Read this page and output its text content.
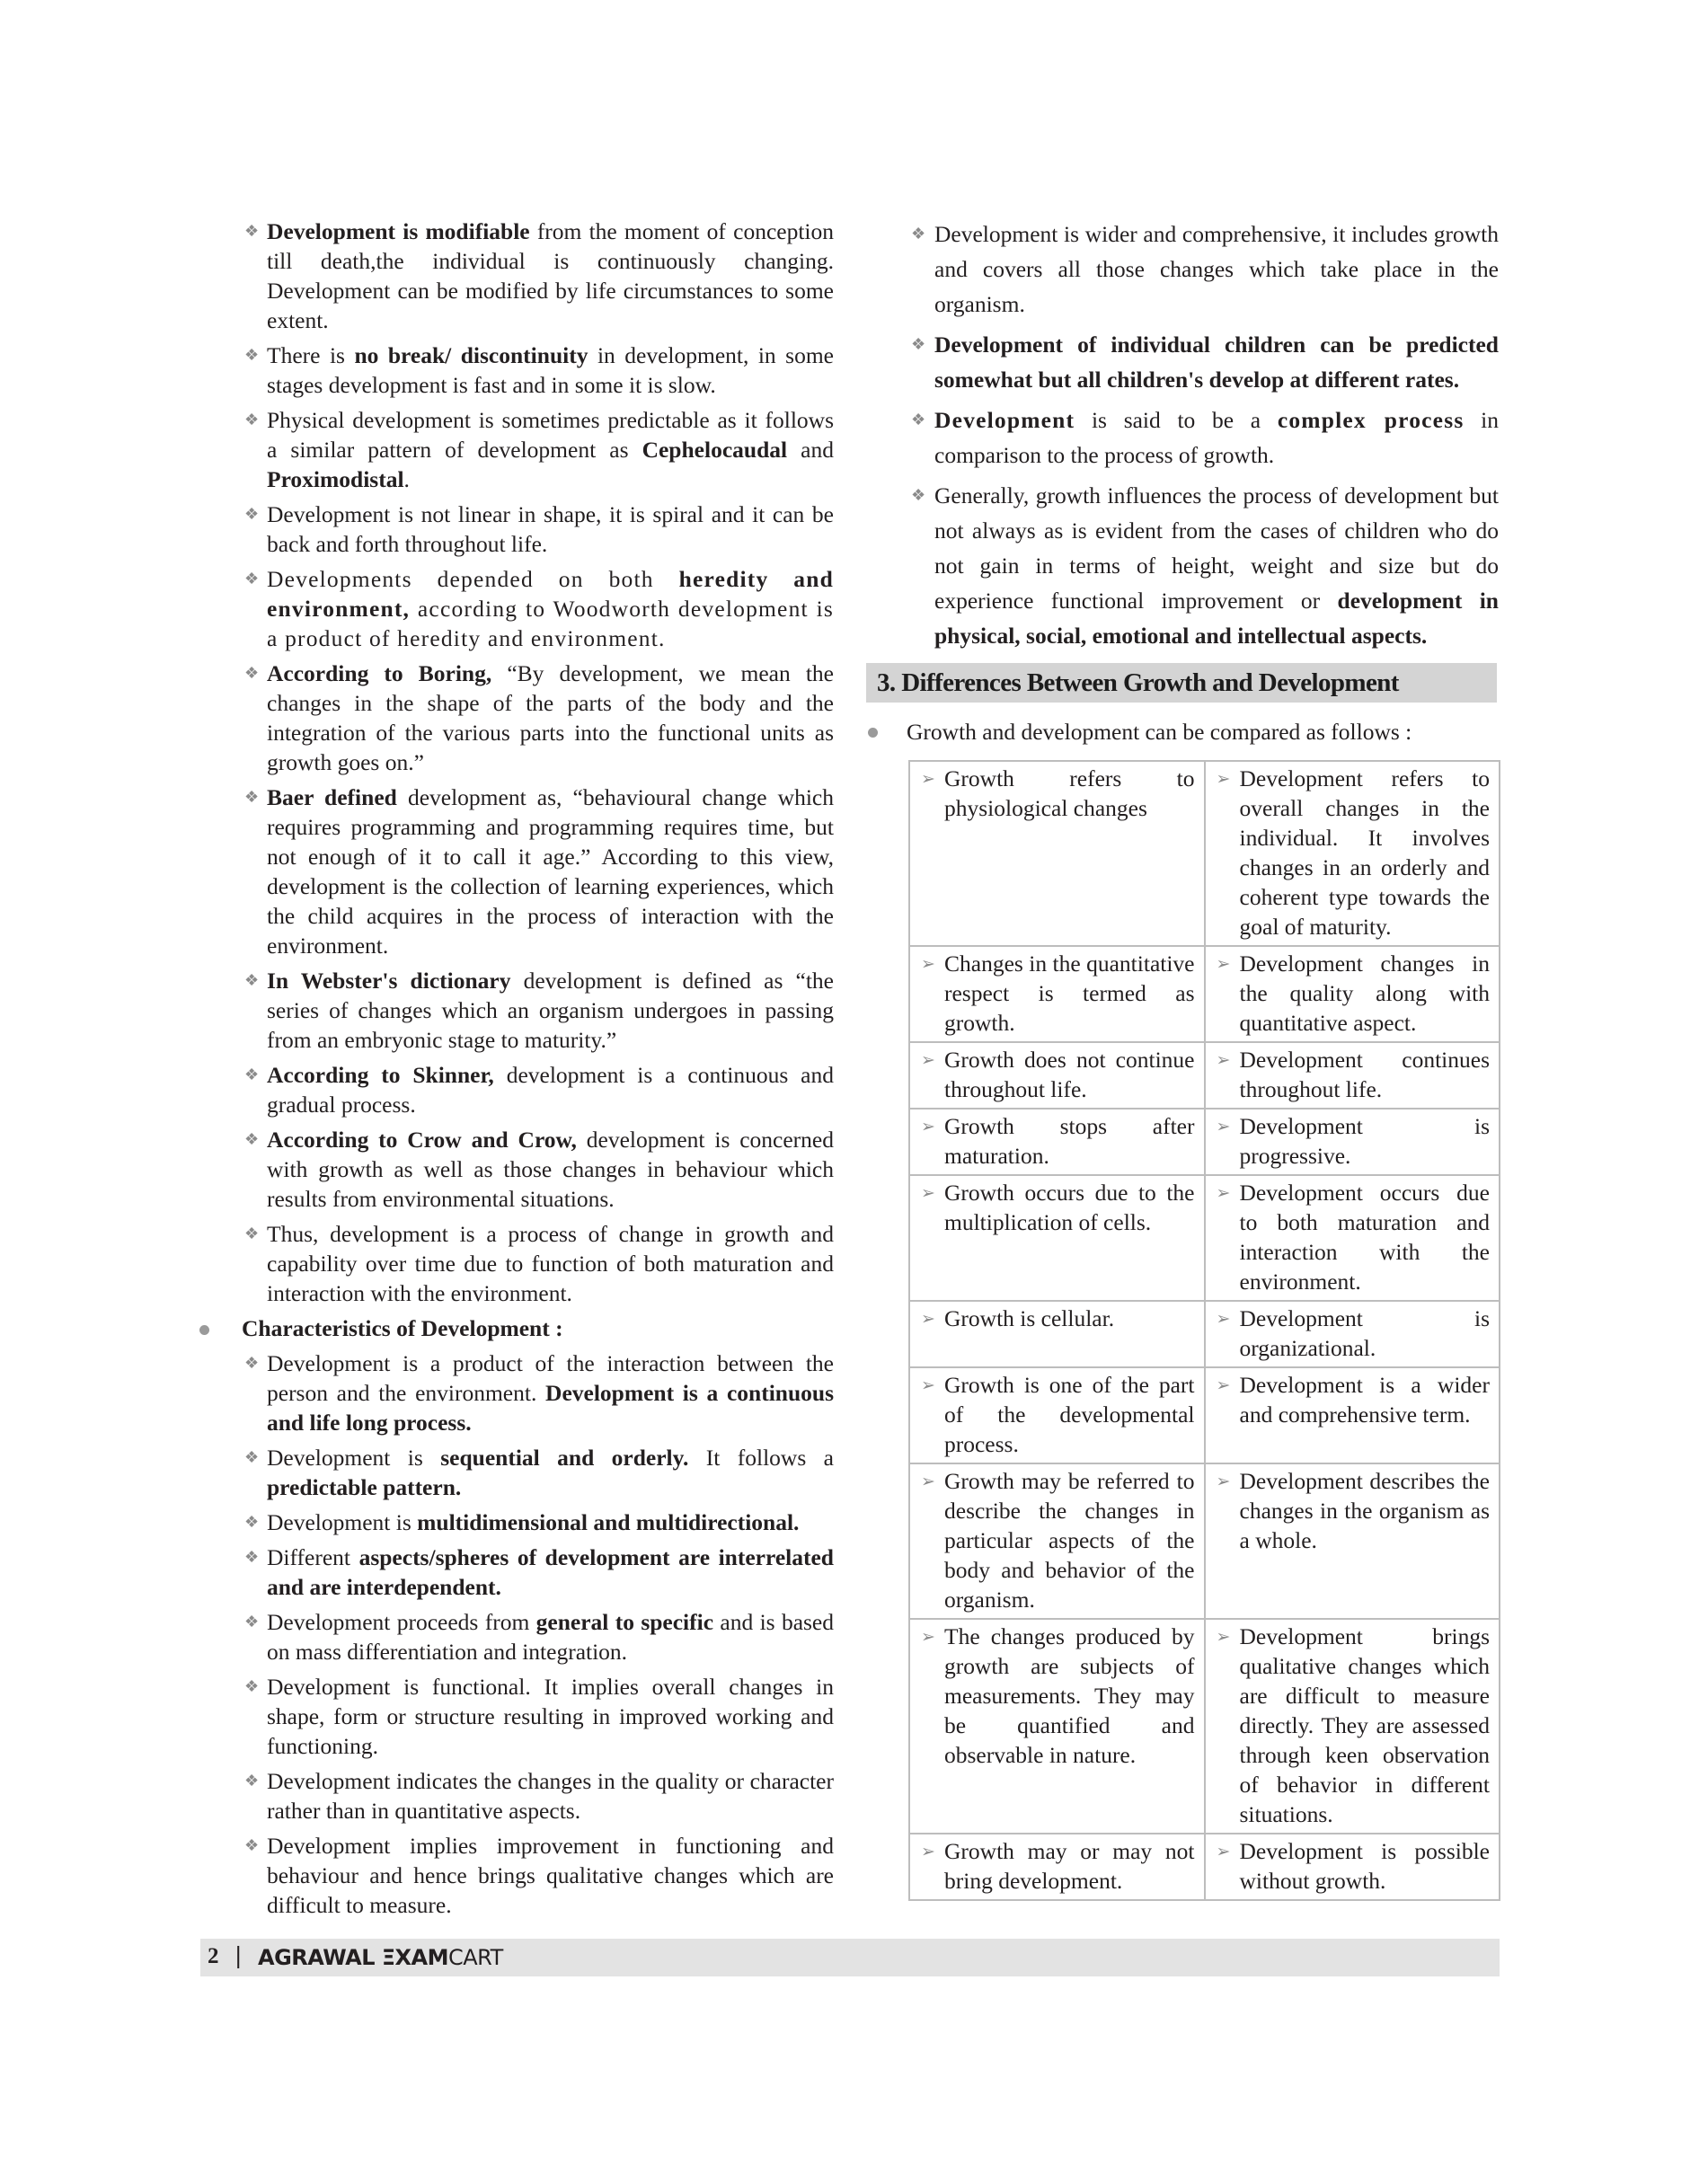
❖ Development is modifiable from the moment of conception till death,the individual is continuously changing. Development can be modified by life circumstances to some extent.
❖ There is no break/ discontinuity in development, in some stages development is fast and in some it is slow.
❖ Physical development is sometimes predictable as it follows a similar pattern of development as Cephelocaudal and Proximodistal.
❖ Development is not linear in shape, it is spiral and it can be back and forth throughout life.
❖ Developments depended on both heredity and environment, according to Woodworth development is a product of heredity and environment.
❖ According to Boring, “By development, we mean the changes in the shape of the parts of the body and the integration of the various parts into the functional units as growth goes on.”
❖ Baer defined development as, “behavioural change which requires programming and programming requires time, but not enough of it to call it age.” According to this view, development is the collection of learning experiences, which the child acquires in the process of interaction with the environment.
❖ In Webster's dictionary development is defined as “the series of changes which an organism undergoes in passing from an embryonic stage to maturity.”
❖ According to Skinner, development is a continuous and gradual process.
❖ According to Crow and Crow, development is concerned with growth as well as those changes in behaviour which results from environmental situations.
❖ Thus, development is a process of change in growth and capability over time due to function of both maturation and interaction with the environment.
Characteristics of Development :
❖ Development is a product of the interaction between the person and the environment. Development is a continuous and life long process.
❖ Development is sequential and orderly. It follows a predictable pattern.
❖ Development is multidimensional and multidirectional.
❖ Different aspects/spheres of development are interrelated and are interdependent.
❖ Development proceeds from general to specific and is based on mass differentiation and integration.
❖ Development is functional. It implies overall changes in shape, form or structure resulting in improved working and functioning.
❖ Development indicates the changes in the quality or character rather than in quantitative aspects.
❖ Development implies improvement in functioning and behaviour and hence brings qualitative changes which are difficult to measure.
❖ Development is wider and comprehensive, it includes growth and covers all those changes which take place in the organism.
❖ Development of individual children can be predicted somewhat but all children's develop at different rates.
❖ Development is said to be a complex process in comparison to the process of growth.
❖ Generally, growth influences the process of development but not always as is evident from the cases of children who do not gain in terms of height, weight and size but do experience functional improvement or development in physical, social, emotional and intellectual aspects.
3. Differences Between Growth and Development
Growth and development can be compared as follows :
➢ Growth refers to physiological changes	➢ Development refers to overall changes in the individual. It involves changes in an orderly and coherent type towards the goal of maturity.

➢ Changes in the quantitative respect is termed as growth.	➢ Development changes in the quality along with quantitative aspect.

➢ Growth does not continue throughout life.	➢ Development continues throughout life.

➢ Growth stops after maturation.	➢ Development is progressive.

➢ Growth occurs due to the multiplication of cells.	➢ Development occurs due to both maturation and interaction with the environment.

➢ Growth is cellular.	➢ Development is organizational.

➢ Growth is one of the part of the developmental process.	➢ Development is a wider and comprehensive term.

➢ Growth may be referred to describe the changes in particular aspects of the body and behavior of the organism.	➢ Development describes the changes in the organism as a whole.

➢ The changes produced by growth are subjects of measurements. They may be quantified and observable in nature.	➢ Development brings qualitative changes which are difficult to measure directly. They are assessed through keen observation of behavior in different situations.

➢ Growth may or may not bring development.	➢ Development is possible without growth.
2 | AGRAWAL ΞXAMCART
